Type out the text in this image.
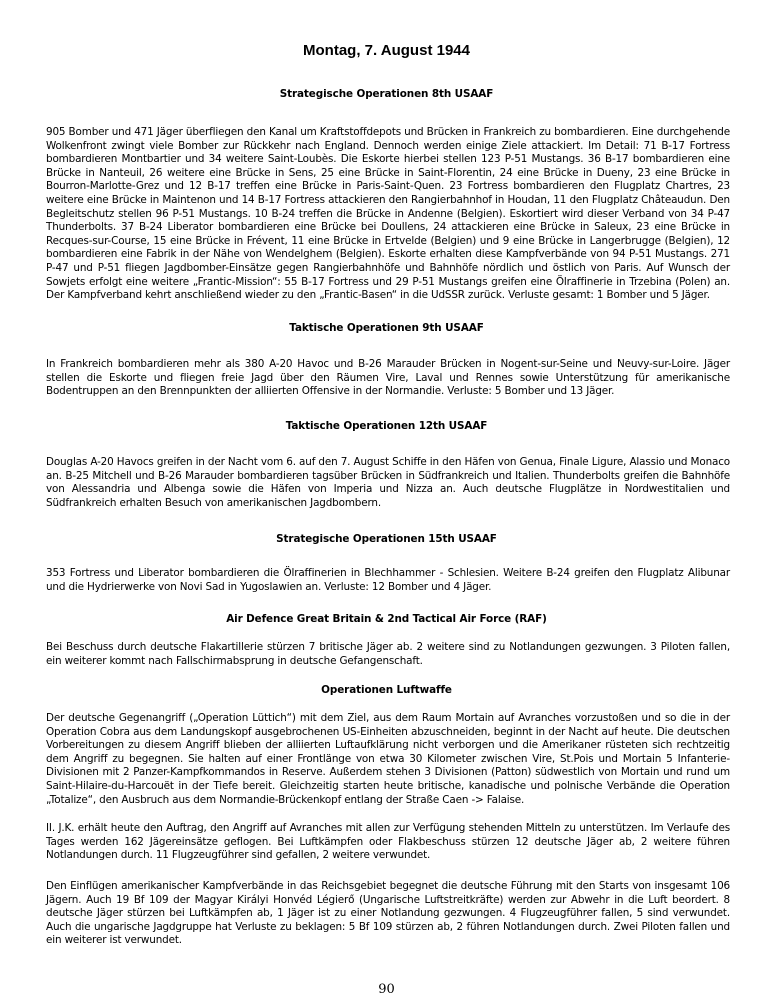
Montag, 7. August 1944
Strategische Operationen 8th USAAF

905 Bomber und 471 Jäger überfliegen den Kanal um Kraftstoffdepots und Brücken in Frankreich zu bombardieren. Eine durchgehende Wolkenfront zwingt viele Bomber zur Rückkehr nach England. Dennoch werden einige Ziele attackiert. Im Detail: 71 B-17 Fortress bombardieren Montbartier und 34 weitere Saint-Loubès. Die Eskorte hierbei stellen 123 P-51 Mustangs. 36 B-17 bombardieren eine Brücke in Nanteuil, 26 weitere eine Brücke in Sens, 25 eine Brücke in Saint-Florentin, 24 eine Brücke in Dueny, 23 eine Brücke in Bourron-Marlotte-Grez und 12 B-17 treffen eine Brücke in Paris-Saint-Quen. 23 Fortress bombardieren den Flugplatz Chartres, 23 weitere eine Brücke in Maintenon und 14 B-17 Fortress attackieren den Rangierbahnhof in Houdan, 11 den Flugplatz Châteaudun. Den Begleitschutz stellen 96 P-51 Mustangs. 10 B-24 treffen die Brücke in Andenne (Belgien). Eskortiert wird dieser Verband von 34 P-47 Thunderbolts. 37 B-24 Liberator bombardieren eine Brücke bei Doullens, 24 attackieren eine Brücke in Saleux, 23 eine Brücke in Recques-sur-Course, 15 eine Brücke in Frévent, 11 eine Brücke in Ertvelde (Belgien) und 9 eine Brücke in Langerbrugge (Belgien), 12 bombardieren eine Fabrik in der Nähe von Wendelghem (Belgien). Eskorte erhalten diese Kampfverbände von 94 P-51 Mustangs. 271 P-47 und P-51 fliegen Jagdbomber-Einsätze gegen Rangierbahnhöfe und Bahnhöfe nördlich und östlich von Paris. Auf Wunsch der Sowjets erfolgt eine weitere „Frantic-Mission“: 55 B-17 Fortress und 29 P-51 Mustangs greifen eine Ölraffinerie in Trzebina (Polen) an. Der Kampfverband kehrt anschließend wieder zu den „Frantic-Basen“ in die UdSSR zurück. Verluste gesamt: 1 Bomber und 5 Jäger.

Taktische Operationen 9th USAAF

In Frankreich bombardieren mehr als 380 A-20 Havoc und B-26 Marauder Brücken in Nogent-sur-Seine und Neuvy-sur-Loire. Jäger stellen die Eskorte und fliegen freie Jagd über den Räumen Vire, Laval und Rennes sowie Unterstützung für amerikanische Bodentruppen an den Brennpunkten der alliierten Offensive in der Normandie. Verluste: 5 Bomber und 13 Jäger.

Taktische Operationen 12th USAAF

Douglas A-20 Havocs greifen in der Nacht vom 6. auf den 7. August Schiffe in den Häfen von Genua, Finale Ligure, Alassio und Monaco an. B-25 Mitchell und B-26 Marauder bombardieren tagsüber Brücken in Südfrankreich und Italien. Thunderbolts greifen die Bahnhöfe von Alessandria und Albenga sowie die Häfen von Imperia und Nizza an. Auch deutsche Flugplätze in Nordwestitalien und Südfrankreich erhalten Besuch von amerikanischen Jagdbombern.

Strategische Operationen 15th USAAF

353 Fortress und Liberator bombardieren die Ölraffinerien in Blechhammer - Schlesien. Weitere B-24 greifen den Flugplatz Alibunar und die Hydrierwerke von Novi Sad in Yugoslawien an. Verluste: 12 Bomber und 4 Jäger.

Air Defence Great Britain & 2nd Tactical Air Force (RAF)

Bei Beschuss durch deutsche Flakartillerie stürzen 7 britische Jäger ab. 2 weitere sind zu Notlandungen gezwungen. 3 Piloten fallen, ein weiterer kommt nach Fallschirmabsprung in deutsche Gefangenschaft.

Operationen Luftwaffe

Der deutsche Gegenangriff („Operation Lüttich“) mit dem Ziel, aus dem Raum Mortain auf Avranches vorzustoßen und so die in der Operation Cobra aus dem Landungskopf ausgebrochenen US-Einheiten abzuschneiden, beginnt in der Nacht auf heute. Die deutschen Vorbereitungen zu diesem Angriff blieben der alliierten Luftaufklärung nicht verborgen und die Amerikaner rüsteten sich rechtzeitig dem Angriff zu begegnen. Sie halten auf einer Frontlänge von etwa 30 Kilometer zwischen Vire, St.Pois und Mortain 5 Infanterie-Divisionen mit 2 Panzer-Kampfkommandos in Reserve. Außerdem stehen 3 Divisionen (Patton) südwestlich von Mortain und rund um Saint-Hilaire-du-Harcouët in der Tiefe bereit. Gleichzeitig starten heute britische, kanadische und polnische Verbände die Operation „Totalize“, den Ausbruch aus dem Normandie-Brückenkopf entlang der Straße Caen -> Falaise.

II. J.K. erhält heute den Auftrag, den Angriff auf Avranches mit allen zur Verfügung stehenden Mitteln zu unterstützen. Im Verlaufe des Tages werden 162 Jägereinsätze geflogen. Bei Luftkämpfen oder Flakbeschuss stürzen 12 deutsche Jäger ab, 2 weitere führen Notlandungen durch. 11 Flugzeugführer sind gefallen, 2 weitere verwundet.

Den Einflügen amerikanischer Kampfverbände in das Reichsgebiet begegnet die deutsche Führung mit den Starts von insgesamt 106 Jägern. Auch 19 Bf 109 der Magyar Királyi Honvéd Légierő (Ungarische Luftstreitkräfte) werden zur Abwehr in die Luft beordert. 8 deutsche Jäger stürzen bei Luftkämpfen ab, 1 Jäger ist zu einer Notlandung gezwungen. 4 Flugzeugführer fallen, 5 sind verwundet. Auch die ungarische Jagdgruppe hat Verluste zu beklagen: 5 Bf 109 stürzen ab, 2 führen Notlandungen durch. Zwei Piloten fallen und ein weiterer ist verwundet.

90
